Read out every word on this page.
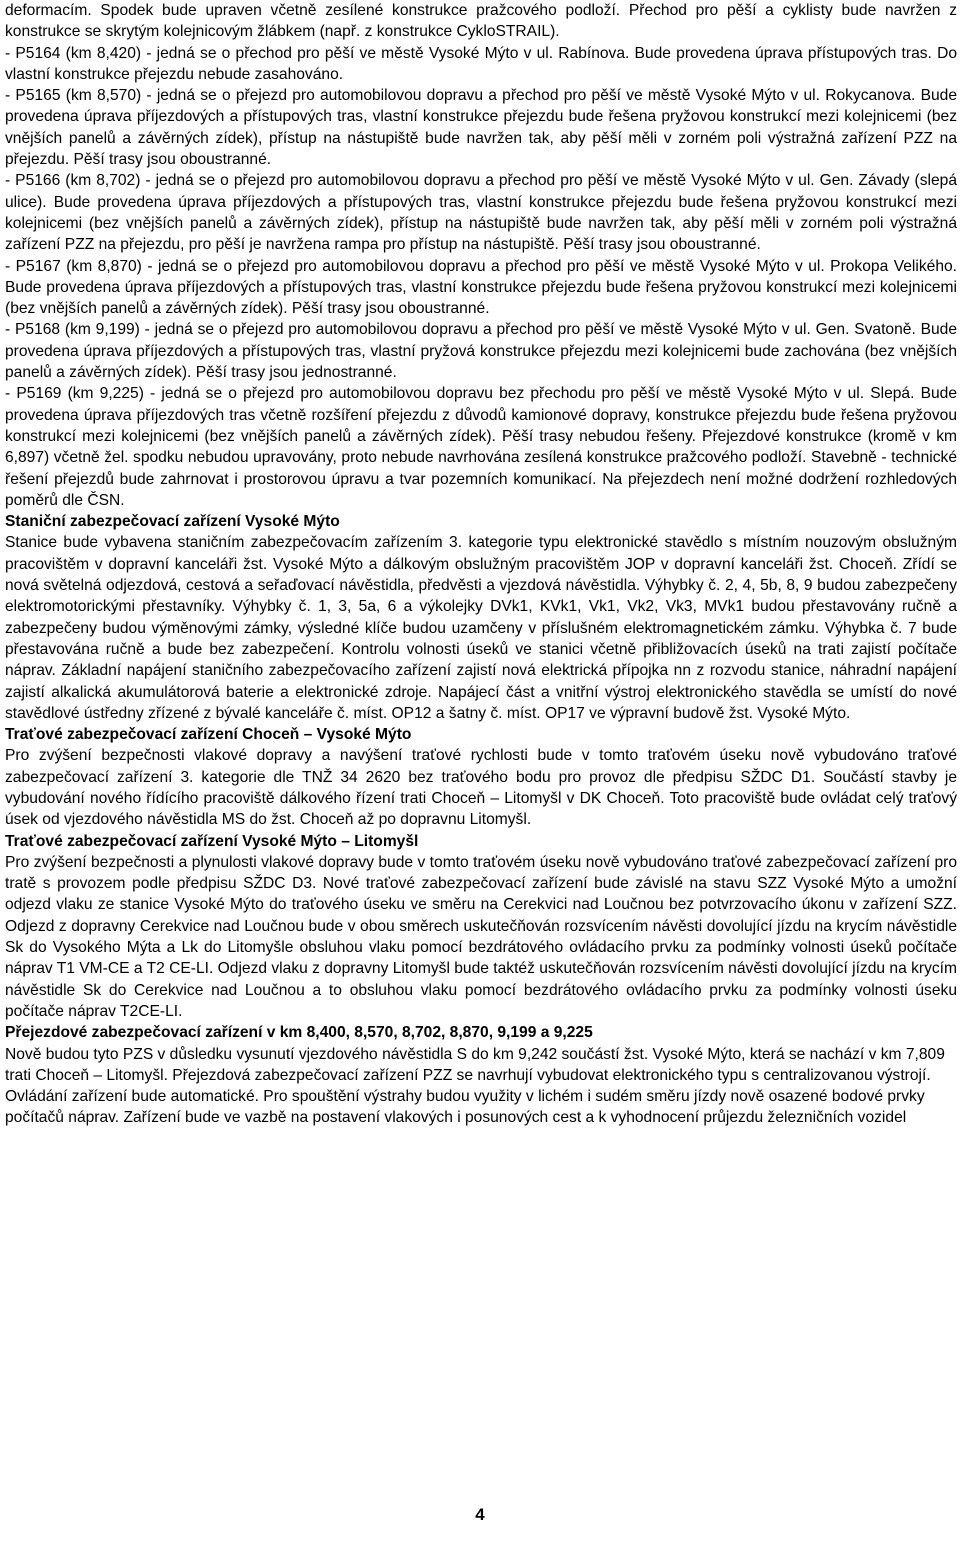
deformacím. Spodek bude upraven včetně zesílené konstrukce pražcového podloží. Přechod pro pěší a cyklisty bude navržen z konstrukce se skrytým kolejnicovým žlábkem (např. z konstrukce CykloSTRAIL).

- P5164 (km 8,420) - jedná se o přechod pro pěší ve městě Vysoké Mýto v ul. Rabínova. Bude provedena úprava přístupových tras. Do vlastní konstrukce přejezdu nebude zasahováno.

- P5165 (km 8,570) - jedná se o přejezd pro automobilovou dopravu a přechod pro pěší ve městě Vysoké Mýto v ul. Rokycanova. Bude provedena úprava příjezdových a přístupových tras, vlastní konstrukce přejezdu bude řešena pryžovou konstrukcí mezi kolejnicemi (bez vnějších panelů a závěrných zídek), přístup na nástupiště bude navržen tak, aby pěší měli v zorném poli výstražná zařízení PZZ na přejezdu. Pěší trasy jsou oboustranné.

- P5166 (km 8,702) - jedná se o přejezd pro automobilovou dopravu a přechod pro pěší ve městě Vysoké Mýto v ul. Gen. Závady (slepá ulice). Bude provedena úprava příjezdových a přístupových tras, vlastní konstrukce přejezdu bude řešena pryžovou konstrukcí mezi kolejnicemi (bez vnějších panelů a závěrných zídek), přístup na nástupiště bude navržen tak, aby pěší měli v zorném poli výstražná zařízení PZZ na přejezdu, pro pěší je navržena rampa pro přístup na nástupiště. Pěší trasy jsou oboustranné.

- P5167 (km 8,870) - jedná se o přejezd pro automobilovou dopravu a přechod pro pěší ve městě Vysoké Mýto v ul. Prokopa Velikého. Bude provedena úprava příjezdových a přístupových tras, vlastní konstrukce přejezdu bude řešena pryžovou konstrukcí mezi kolejnicemi (bez vnějších panelů a závěrných zídek). Pěší trasy jsou oboustranné.

- P5168 (km 9,199) - jedná se o přejezd pro automobilovou dopravu a přechod pro pěší ve městě Vysoké Mýto v ul. Gen. Svatoně. Bude provedena úprava příjezdových a přístupových tras, vlastní pryžová konstrukce přejezdu mezi kolejnicemi bude zachována (bez vnějších panelů a závěrných zídek). Pěší trasy jsou jednostranné.

- P5169 (km 9,225) - jedná se o přejezd pro automobilovou dopravu bez přechodu pro pěší ve městě Vysoké Mýto v ul. Slepá. Bude provedena úprava příjezdových tras včetně rozšíření přejezdu z důvodů kamionové dopravy, konstrukce přejezdu bude řešena pryžovou konstrukcí mezi kolejnicemi (bez vnějších panelů a závěrných zídek). Pěší trasy nebudou řešeny. Přejezdové konstrukce (kromě v km 6,897) včetně žel. spodku nebudou upravovány, proto nebude navrhována zesílená konstrukce pražcového podloží. Stavebně - technické řešení přejezdů bude zahrnovat i prostorovou úpravu a tvar pozemních komunikací. Na přejezdech není možné dodržení rozhledových poměrů dle ČSN.

Staniční zabezpečovací zařízení Vysoké Mýto

Stanice bude vybavena staničním zabezpečovacím zařízením 3. kategorie typu elektronické stavědlo s místním nouzovým obslužným pracovištěm v dopravní kanceláři žst. Vysoké Mýto a dálkovým obslužným pracovištěm JOP v dopravní kanceláři žst. Choceň. Zřídí se nová světelná odjezdová, cestová a seřaďovací návěstidla, předvěsti a vjezdová návěstidla. Výhybky č. 2, 4, 5b, 8, 9 budou zabezpečeny elektromotorickými přestavníky. Výhybky č. 1, 3, 5a, 6 a výkolejky DVk1, KVk1, Vk1, Vk2, Vk3, MVk1 budou přestavovány ručně a zabezpečeny budou výměnovými zámky, výsledné klíče budou uzamčeny v příslušném elektromagnetickém zámku. Výhybka č. 7 bude přestavována ručně a bude bez zabezpečení. Kontrolu volnosti úseků ve stanici včetně přibližovacích úseků na trati zajistí počítače náprav. Základní napájení staničního zabezpečovacího zařízení zajistí nová elektrická přípojka nn z rozvodu stanice, náhradní napájení zajistí alkalická akumulátorová baterie a elektronické zdroje. Napájecí část a vnitřní výstroj elektronického stavědla se umístí do nové stavědlové ústředny zřízené z bývalé kanceláře č. míst. OP12 a šatny č. míst. OP17 ve výpravní budově žst. Vysoké Mýto.

Traťové zabezpečovací zařízení Choceň – Vysoké Mýto

Pro zvýšení bezpečnosti vlakové dopravy a navýšení traťové rychlosti bude v tomto traťovém úseku nově vybudováno traťové zabezpečovací zařízení 3. kategorie dle TNŽ 34 2620 bez traťového bodu pro provoz dle předpisu SŽDC D1. Součástí stavby je vybudování nového řídícího pracoviště dálkového řízení trati Choceň – Litomyšl v DK Choceň. Toto pracoviště bude ovládat celý traťový úsek od vjezdového návěstidla MS do žst. Choceň až po dopravnu Litomyšl.

Traťové zabezpečovací zařízení Vysoké Mýto – Litomyšl

Pro zvýšení bezpečnosti a plynulosti vlakové dopravy bude v tomto traťovém úseku nově vybudováno traťové zabezpečovací zařízení pro tratě s provozem podle předpisu SŽDC D3. Nové traťové zabezpečovací zařízení bude závislé na stavu SZZ Vysoké Mýto a umožní odjezd vlaku ze stanice Vysoké Mýto do traťového úseku ve směru na Cerekvici nad Loučnou bez potvrzovacího úkonu v zařízení SZZ. Odjezd z dopravny Cerekvice nad Loučnou bude v obou směrech uskutečňován rozsvícením návěsti dovolující jízdu na krycím návěstidle Sk do Vysokého Mýta a Lk do Litomyšle obsluhou vlaku pomocí bezdrátového ovládacího prvku za podmínky volnosti úseků počítače náprav T1 VM-CE a T2 CE-LI. Odjezd vlaku z dopravny Litomyšl bude taktéž uskutečňován rozsvícením návěsti dovolující jízdu na krycím návěstidle Sk do Cerekvice nad Loučnou a to obsluhou vlaku pomocí bezdrátového ovládacího prvku za podmínky volnosti úseku počítače náprav T2CE-LI.

Přejezdové zabezpečovací zařízení v km 8,400, 8,570, 8,702, 8,870, 9,199 a 9,225

Nově budou tyto PZS v důsledku vysunutí vjezdového návěstidla S do km 9,242 součástí žst. Vysoké Mýto, která se nachází v km 7,809 trati Choceň – Litomyšl. Přejezdová zabezpečovací zařízení PZZ se navrhují vybudovat elektronického typu s centralizovanou výstrojí. Ovládání zařízení bude automatické. Pro spouštění výstrahy budou využity v lichém i sudém směru jízdy nově osazené bodové prvky počítačů náprav. Zařízení bude ve vazbě na postavení vlakových i posunových cest a k vyhodnocení průjezdu železničních vozidel

4
